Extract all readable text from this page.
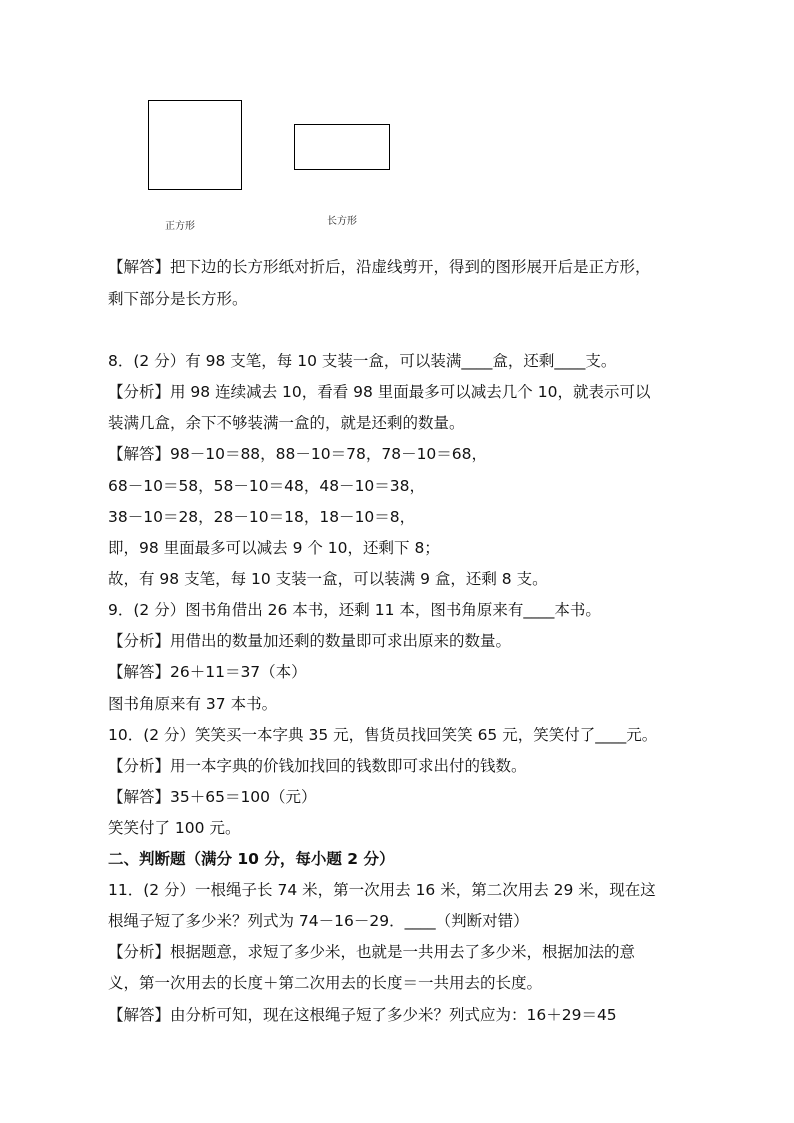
正方形	长方形
【解答】把下边的长方形纸对折后，沿虚线剪开，得到的图形展开后是正方形，
剩下部分是长方形。
8．(2 分）有 98 支笔，每 10 支装一盒，可以装满____盒，还剩____支。
【分析】用 98 连续减去 10，看看 98 里面最多可以减去几个 10，就表示可以
装满几盒，余下不够装满一盒的，就是还剩的数量。
【解答】98－10＝88，88－10＝78，78－10＝68，
68－10＝58，58－10＝48，48－10＝38，
38－10＝28，28－10＝18，18－10＝8，
即，98 里面最多可以减去 9 个 10，还剩下 8；
故，有 98 支笔，每 10 支装一盒，可以装满 9 盒，还剩 8 支。
9．(2 分）图书角借出 26 本书，还剩 11 本，图书角原来有____本书。
【分析】用借出的数量加还剩的数量即可求出原来的数量。
【解答】26＋11＝37（本）
图书角原来有 37 本书。
10．(2 分）笑笑买一本字典 35 元，售货员找回笑笑 65 元，笑笑付了____元。
【分析】用一本字典的价钱加找回的钱数即可求出付的钱数。
【解答】35＋65＝100（元）
笑笑付了 100 元。
二、判断题（满分 10 分，每小题 2 分）
11．(2 分）一根绳子长 74 米，第一次用去 16 米，第二次用去 29 米，现在这
根绳子短了多少米？列式为 74－16－29．____（判断对错）
【分析】根据题意，求短了多少米，也就是一共用去了多少米，根据加法的意
义，第一次用去的长度＋第二次用去的长度＝一共用去的长度。
【解答】由分析可知，现在这根绳子短了多少米？列式应为：16＋29＝45
